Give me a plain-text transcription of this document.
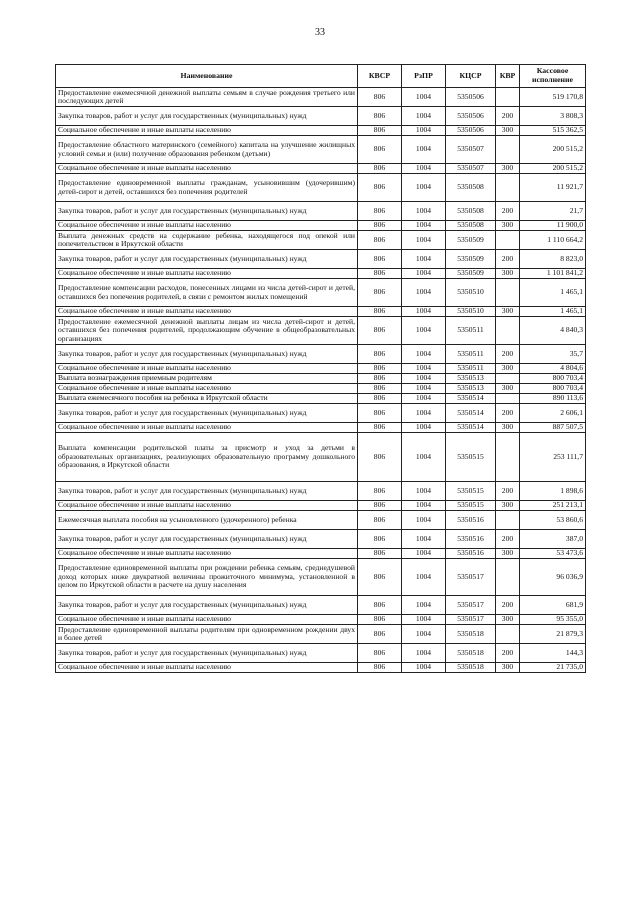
33
Наименование	КВСР	РзПР	КЦСР	КВР	Кассовое исполнение
Предоставление ежемесячной денежной выплаты семьям в случае рождения третьего или последующих детей	806	1004	5350506		519 170,8
Закупка товаров, работ и услуг для государственных (муниципальных) нужд	806	1004	5350506	200	3 808,3
Социальное обеспечение и иные выплаты населению	806	1004	5350506	300	515 362,5
Предоставление областного материнского (семейного) капитала на улучшение жилищных условий семьи и (или) получение образования ребенком (детьми)	806	1004	5350507		200 515,2
Социальное обеспечение и иные выплаты населению	806	1004	5350507	300	200 515,2
Предоставление единовременной выплаты гражданам, усыновившим (удочерившим) детей-сирот и детей, оставшихся без попечения родителей	806	1004	5350508		11 921,7
Закупка товаров, работ и услуг для государственных (муниципальных) нужд	806	1004	5350508	200	21,7
Социальное обеспечение и иные выплаты населению	806	1004	5350508	300	11 900,0
Выплата денежных средств на содержание ребенка, находящегося под опекой или попечительством в Иркутской области	806	1004	5350509		1 110 664,2
Закупка товаров, работ и услуг для государственных (муниципальных) нужд	806	1004	5350509	200	8 823,0
Социальное обеспечение и иные выплаты населению	806	1004	5350509	300	1 101 841,2
Предоставление компенсации расходов, понесенных лицами из числа детей-сирот и детей, оставшихся без попечения родителей, в связи с ремонтом жилых помещений	806	1004	5350510		1 465,1
Социальное обеспечение и иные выплаты населению	806	1004	5350510	300	1 465,1
Предоставление ежемесячной денежной выплаты лицам из числа детей-сирот и детей, оставшихся без попечения родителей, продолжающим обучение в общеобразовательных организациях	806	1004	5350511		4 840,3
Закупка товаров, работ и услуг для государственных (муниципальных) нужд	806	1004	5350511	200	35,7
Социальное обеспечение и иные выплаты населению	806	1004	5350511	300	4 804,6
Выплата вознаграждения приемным родителям	806	1004	5350513		800 703,4
Социальное обеспечение и иные выплаты населению	806	1004	5350513	300	800 703,4
Выплата ежемесячного пособия на ребенка в Иркутской области	806	1004	5350514		890 113,6
Закупка товаров, работ и услуг для государственных (муниципальных) нужд	806	1004	5350514	200	2 606,1
Социальное обеспечение и иные выплаты населению	806	1004	5350514	300	887 507,5
Выплата компенсации родительской платы за присмотр и уход за детьми в образовательных организациях, реализующих образовательную программу дошкольного образования, в Иркутской области	806	1004	5350515		253 111,7
Закупка товаров, работ и услуг для государственных (муниципальных) нужд	806	1004	5350515	200	1 898,6
Социальное обеспечение и иные выплаты населению	806	1004	5350515	300	251 213,1
Ежемесячная выплата пособия на усыновленного (удочеренного) ребенка	806	1004	5350516		53 860,6
Закупка товаров, работ и услуг для государственных (муниципальных) нужд	806	1004	5350516	200	387,0
Социальное обеспечение и иные выплаты населению	806	1004	5350516	300	53 473,6
Предоставление единовременной выплаты при рождении ребенка семьям, среднедушевой доход которых ниже двукратной величины прожиточного минимума, установленной в целом по Иркутской области в расчете на душу населения	806	1004	5350517		96 036,9
Закупка товаров, работ и услуг для государственных (муниципальных) нужд	806	1004	5350517	200	681,9
Социальное обеспечение и иные выплаты населению	806	1004	5350517	300	95 355,0
Предоставление единовременной выплаты родителям при одновременном рождении двух и более детей	806	1004	5350518		21 879,3
Закупка товаров, работ и услуг для государственных (муниципальных) нужд	806	1004	5350518	200	144,3
Социальное обеспечение и иные выплаты населению	806	1004	5350518	300	21 735,0
